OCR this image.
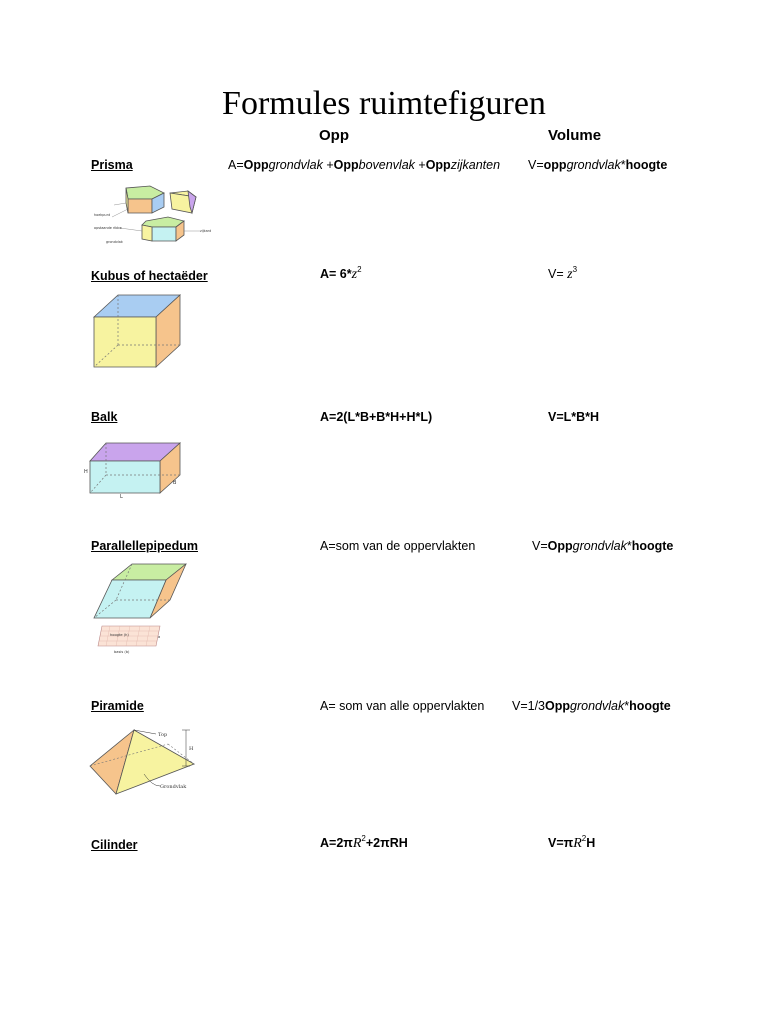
Formules ruimtefiguren
Opp	Volume
Prisma	A=Oppgrondvlak +Oppbovenvlak +Oppzijkanten V=oppgrondvlak*hoogte
hoekpunt
opstaande ribbe
grondvlak
zijkant
Kubus of hectaëder	$A= 6*z^2$	$V= z^3$
Balk	A=2(L*B+B*H+H*L)	V=L*B*H
H
L
B
Parallellepipedum	A=som van de oppervlakten	V=Oppgrondvlak*hoogte
hoogte (h)
basis (b)
a
Piramide	A= som van alle oppervlakten V=1/3Oppgrondvlak*hoogte
Top
H
Grondvlak
Cilinder	$A=2\pi R^2+2\pi RH$	$V=\pi R^2H$
